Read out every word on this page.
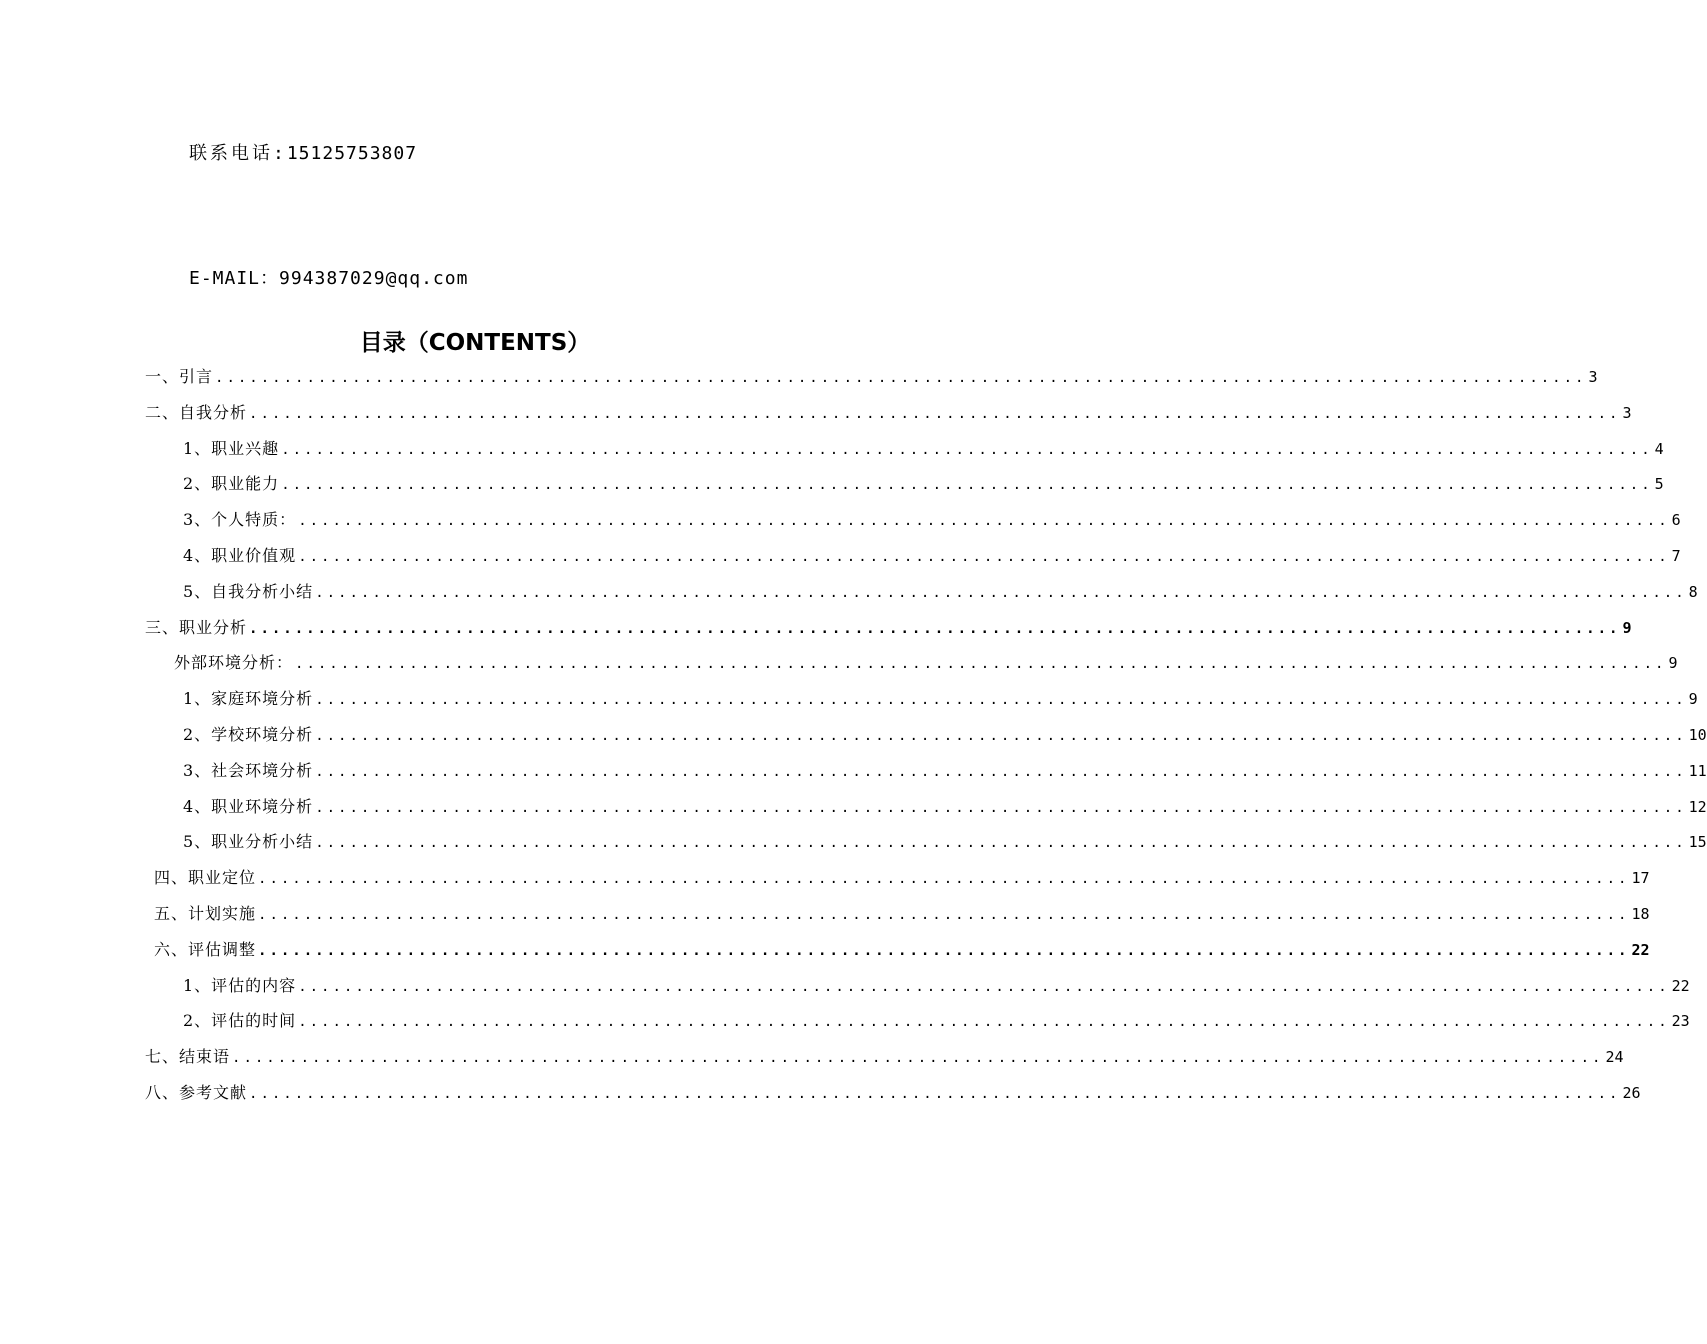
联系电话:15125753807
E-MAIL：994387029@qq.com
目录（CONTENTS）
一、引言 ........................................................................................................................ 3
二、自我分析 ........................................................................................................................ 3
1、职业兴趣 ........................................................................................................................ 4
2、职业能力 ........................................................................................................................ 5
3、个人特质： ........................................................................................................................ 6
4、职业价值观 ........................................................................................................................ 7
5、自我分析小结 ........................................................................................................................ 8
三、职业分析 ........................................................................................................................ 9
外部环境分析： ........................................................................................................................ 9
1、家庭环境分析 ........................................................................................................................ 9
2、学校环境分析 ........................................................................................................................ 10
3、社会环境分析 ........................................................................................................................ 11
4、职业环境分析 ........................................................................................................................ 12
5、职业分析小结 ........................................................................................................................ 15
四、职业定位 ........................................................................................................................ 17
五、计划实施 ........................................................................................................................ 18
六、评估调整 ........................................................................................................................ 22
1、评估的内容 ........................................................................................................................ 22
2、评估的时间 ........................................................................................................................ 23
七、结束语 ........................................................................................................................ 24
八、参考文献 ........................................................................................................................ 26
